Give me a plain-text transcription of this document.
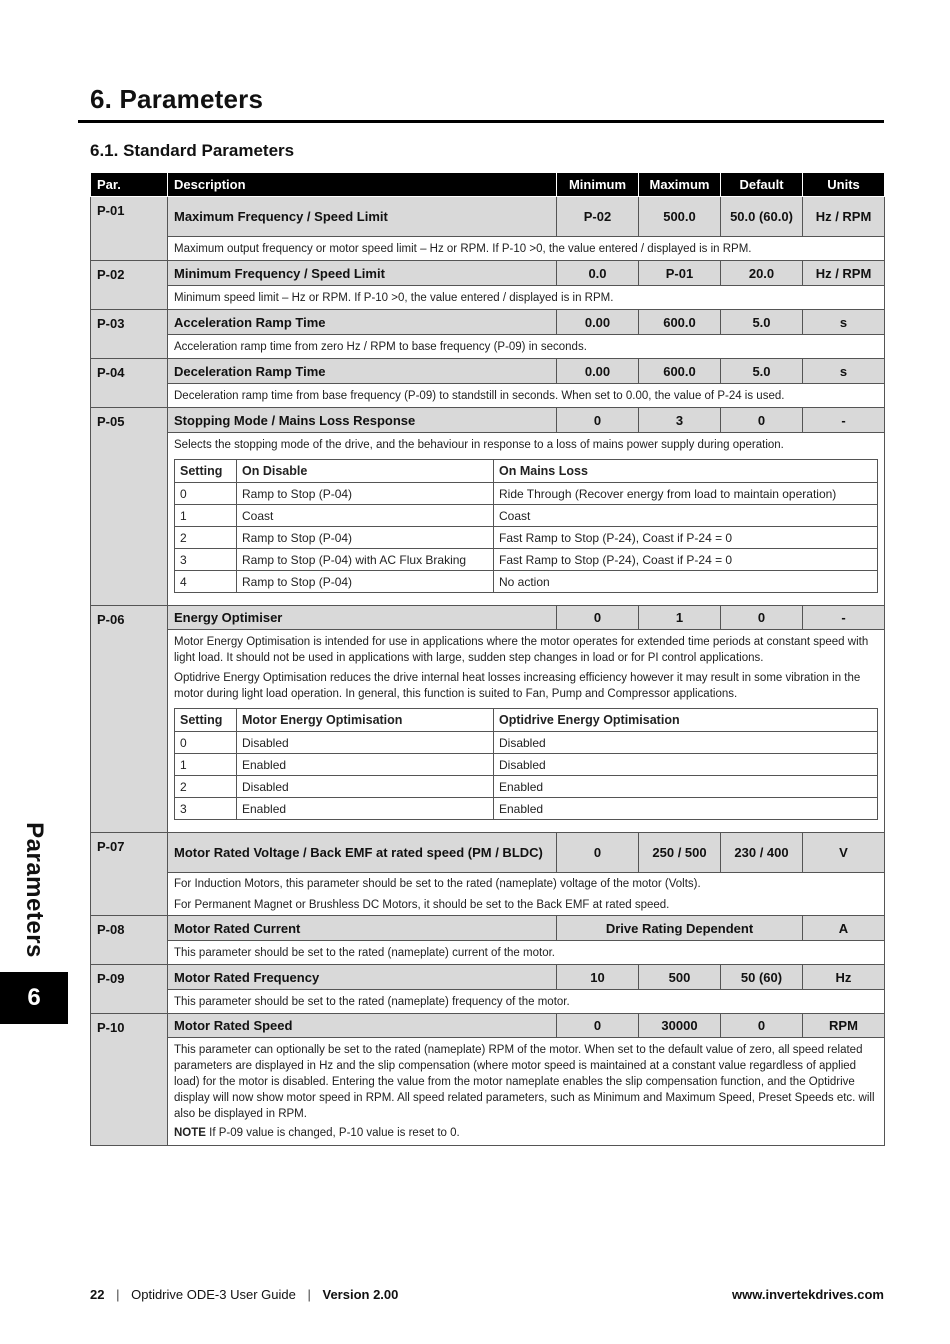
6. Parameters
6.1. Standard Parameters
Par.	Description	Minimum	Maximum	Default	Units
P-01	Maximum Frequency / Speed Limit	P-02	500.0	50.0 (60.0)	Hz / RPM
Maximum output frequency or motor speed limit – Hz or RPM. If P-10 >0, the value entered / displayed is in RPM.
P-02	Minimum Frequency / Speed Limit	0.0	P-01	20.0	Hz / RPM
Minimum speed limit – Hz or RPM. If P-10 >0, the value entered / displayed is in RPM.
P-03	Acceleration Ramp Time	0.00	600.0	5.0	s
Acceleration ramp time from zero Hz / RPM to base frequency (P-09) in seconds.
P-04	Deceleration Ramp Time	0.00	600.0	5.0	s
Deceleration ramp time from base frequency (P-09) to standstill in seconds. When set to 0.00, the value of P-24 is used.
P-05	Stopping Mode / Mains Loss Response	0	3	0	-

Selects the stopping mode of the drive, and the behaviour in response to a loss of mains power supply during operation.

Setting	On Disable	On Mains Loss
0	Ramp to Stop (P-04)	Ride Through (Recover energy from load to maintain operation)
1	Coast	Coast
2	Ramp to Stop (P-04)	Fast Ramp to Stop (P-24), Coast if P-24 = 0
3	Ramp to Stop (P-04) with AC Flux Braking	Fast Ramp to Stop (P-24), Coast if P-24 = 0
4	Ramp to Stop (P-04)	No action

P-06	Energy Optimiser	0	1	0	-

Motor Energy Optimisation is intended for use in applications where the motor operates for extended time periods at constant speed with light load. It should not be used in applications with large, sudden step changes in load or for PI control applications.

Optidrive Energy Optimisation reduces the drive internal heat losses increasing efficiency however it may result in some vibration in the motor during light load operation. In general, this function is suited to Fan, Pump and Compressor applications.

Setting	Motor Energy Optimisation	Optidrive Energy Optimisation
0	Disabled	Disabled
1	Enabled	Disabled
2	Disabled	Enabled
3	Enabled	Enabled

P-07	Motor Rated Voltage / Back EMF at rated speed (PM / BLDC)	0	250 / 500	230 / 400	V

For Induction Motors, this parameter should be set to the rated (nameplate) voltage of the motor (Volts).

For Permanent Magnet or Brushless DC Motors, it should be set to the Back EMF at rated speed.

P-08	Motor Rated Current	Drive Rating Dependent	A
This parameter should be set to the rated (nameplate) current of the motor.
P-09	Motor Rated Frequency	10	500	50 (60)	Hz
This parameter should be set to the rated (nameplate) frequency of the motor.
P-10	Motor Rated Speed	0	30000	0	RPM

This parameter can optionally be set to the rated (nameplate) RPM of the motor. When set to the default value of zero, all speed related parameters are displayed in Hz and the slip compensation (where motor speed is maintained at a constant value regardless of applied load) for the motor is disabled. Entering the value from the motor nameplate enables the slip compensation function, and the Optidrive display will now show motor speed in RPM. All speed related parameters, such as Minimum and Maximum Speed, Preset Speeds etc. will also be displayed in RPM.

NOTE If P-09 value is changed, P-10 value is reset to 0.

Parameters
6
22 | Optidrive ODE-3 User Guide | Version 2.00	www.invertekdrives.com
